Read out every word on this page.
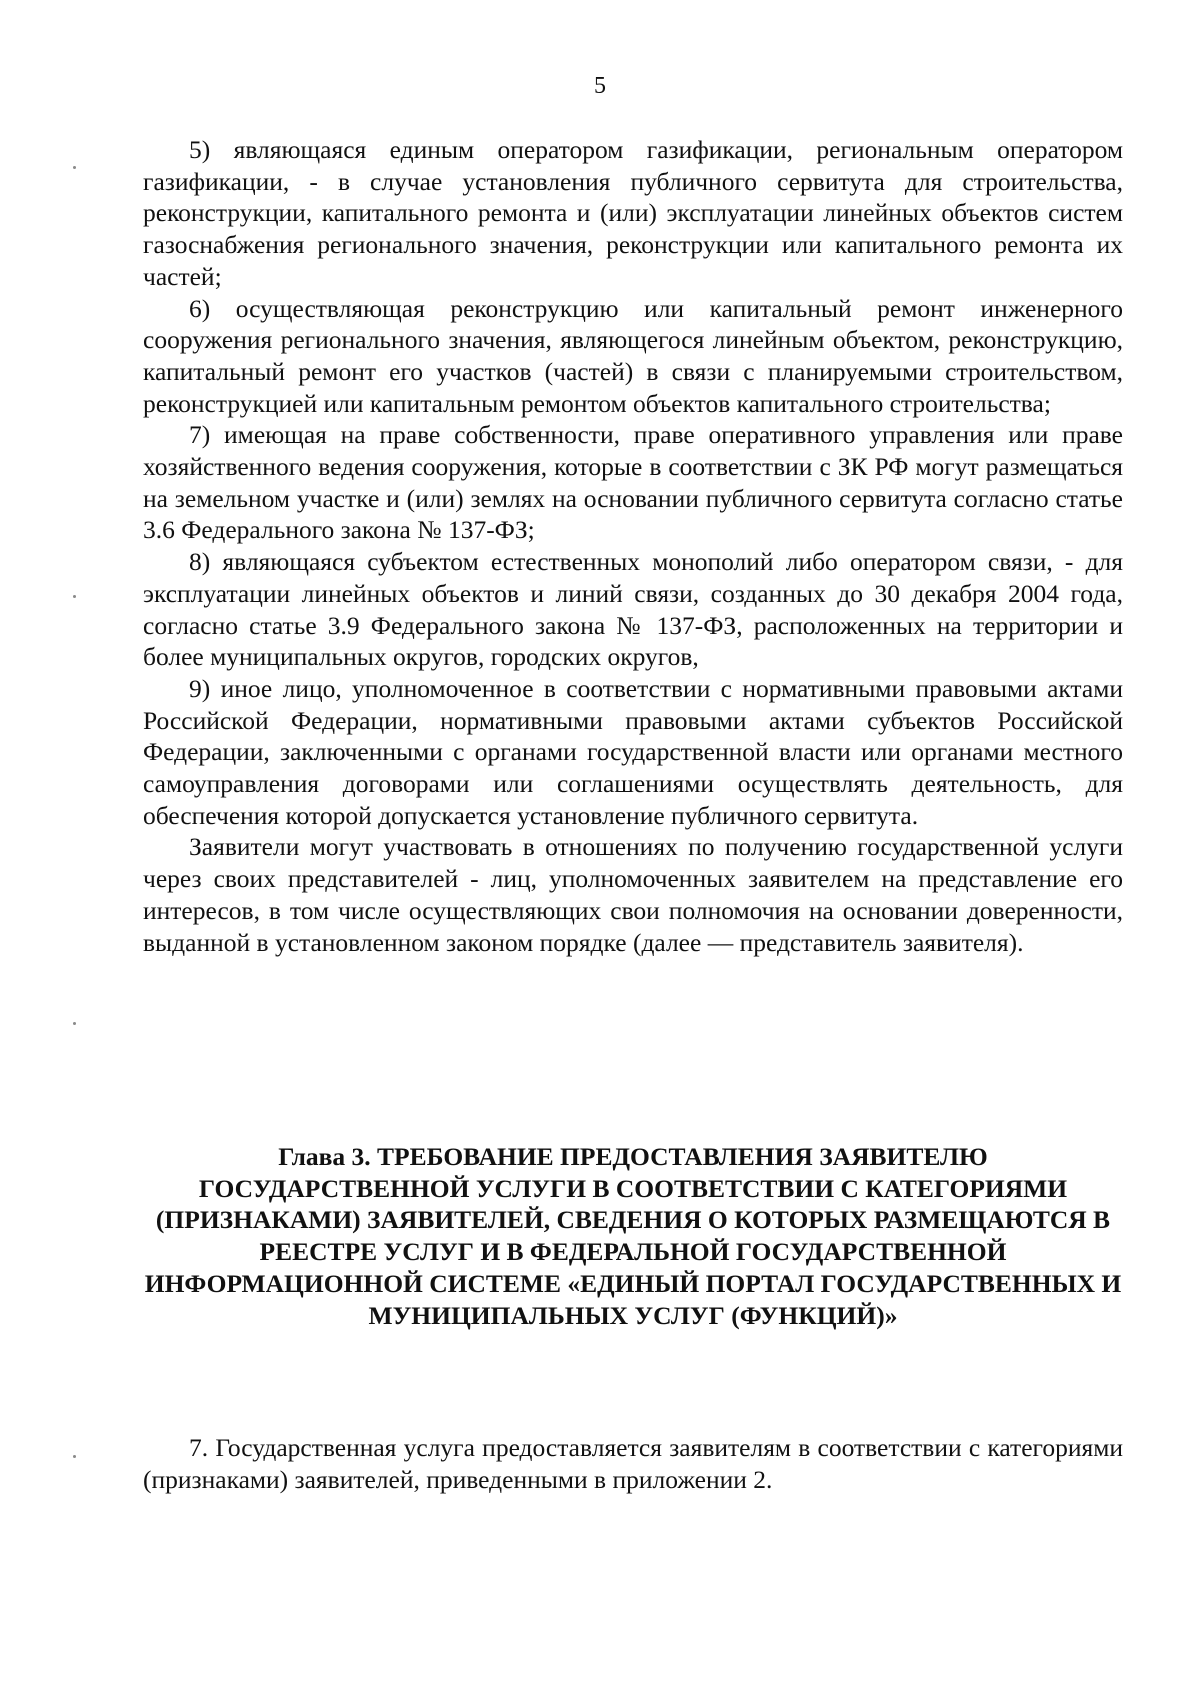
5

5) являющаяся единым оператором газификации, региональным оператором газификации, - в случае установления публичного сервитута для строительства, реконструкции, капитального ремонта и (или) эксплуатации линейных объектов систем газоснабжения регионального значения, реконструкции или капитального ремонта их частей;

6) осуществляющая реконструкцию или капитальный ремонт инженерного сооружения регионального значения, являющегося линейным объектом, реконструкцию, капитальный ремонт его участков (частей) в связи с планируемыми строительством, реконструкцией или капитальным ремонтом объектов капитального строительства;

7) имеющая на праве собственности, праве оперативного управления или праве хозяйственного ведения сооружения, которые в соответствии с ЗК РФ могут размещаться на земельном участке и (или) землях на основании публичного сервитута согласно статье 3.6 Федерального закона № 137-ФЗ;

8) являющаяся субъектом естественных монополий либо оператором связи, - для эксплуатации линейных объектов и линий связи, созданных до 30 декабря 2004 года, согласно статье 3.9 Федерального закона № 137-ФЗ, расположенных на территории и более муниципальных округов, городских округов,

9) иное лицо, уполномоченное в соответствии с нормативными правовыми актами Российской Федерации, нормативными правовыми актами субъектов Российской Федерации, заключенными с органами государственной власти или органами местного самоуправления договорами или соглашениями осуществлять деятельность, для обеспечения которой допускается установление публичного сервитута.

Заявители могут участвовать в отношениях по получению государственной услуги через своих представителей - лиц, уполномоченных заявителем на представление его интересов, в том числе осуществляющих свои полномочия на основании доверенности, выданной в установленном законом порядке (далее — представитель заявителя).

Глава 3. ТРЕБОВАНИЕ ПРЕДОСТАВЛЕНИЯ ЗАЯВИТЕЛЮ ГОСУДАРСТВЕННОЙ УСЛУГИ В СООТВЕТСТВИИ С КАТЕГОРИЯМИ (ПРИЗНАКАМИ) ЗАЯВИТЕЛЕЙ, СВЕДЕНИЯ О КОТОРЫХ РАЗМЕЩАЮТСЯ В РЕЕСТРЕ УСЛУГ И В ФЕДЕРАЛЬНОЙ ГОСУДАРСТВЕННОЙ ИНФОРМАЦИОННОЙ СИСТЕМЕ «ЕДИНЫЙ ПОРТАЛ ГОСУДАРСТВЕННЫХ И МУНИЦИПАЛЬНЫХ УСЛУГ (ФУНКЦИЙ)»

7. Государственная услуга предоставляется заявителям в соответствии с категориями (признаками) заявителей, приведенными в приложении 2.
